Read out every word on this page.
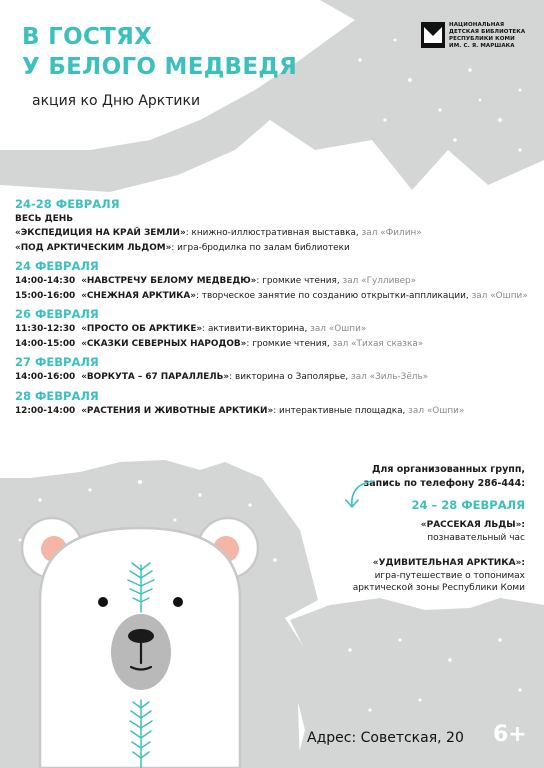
В ГОСТЯХ
У БЕЛОГО МЕДВЕДЯ
акция ко Дню Арктики
НАЦИОНАЛЬНАЯ
ДЕТСКАЯ БИБЛИОТЕКА
РЕСПУБЛИКИ КОМИ
ИМ. С. Я. МАРШАКА
24-28 ФЕВРАЛЯ
ВЕСЬ ДЕНЬ
«ЭКСПЕДИЦИЯ НА КРАЙ ЗЕМЛИ»: книжно-иллюстративная выставка, зал «Филин»
«ПОД АРКТИЧЕСКИМ ЛЬДОМ»: игра-бродилка по залам библиотеки
24 ФЕВРАЛЯ
14:00-14:30 «НАВСТРЕЧУ БЕЛОМУ МЕДВЕДЮ»: громкие чтения, зал «Гулливер»
15:00-16:00 «СНЕЖНАЯ АРКТИКА»: творческое занятие по созданию открытки-аппликации, зал «Ошпи»
26 ФЕВРАЛЯ
11:30-12:30 «ПРОСТО ОБ АРКТИКЕ»: активити-викторина, зал «Ошпи»
14:00-15:00 «СКАЗКИ СЕВЕРНЫХ НАРОДОВ»: громкие чтения, зал «Тихая сказка»
27 ФЕВРАЛЯ
14:00-16:00 «ВОРКУТА – 67 ПАРАЛЛЕЛЬ»: викторина о Заполярье, зал «Зиль-Зёль»
28 ФЕВРАЛЯ
12:00-14:00 «РАСТЕНИЯ И ЖИВОТНЫЕ АРКТИКИ»: интерактивные площадка, зал «Ошпи»
Для организованных групп,
запись по телефону 286-444:
24 – 28 ФЕВРАЛЯ
«РАССЕКАЯ ЛЬДЫ»:
познавательный час
«УДИВИТЕЛЬНАЯ АРКТИКА»:
игра-путешествие о топонимах
арктической зоны Республики Коми
Адрес: Советская, 20 6+
